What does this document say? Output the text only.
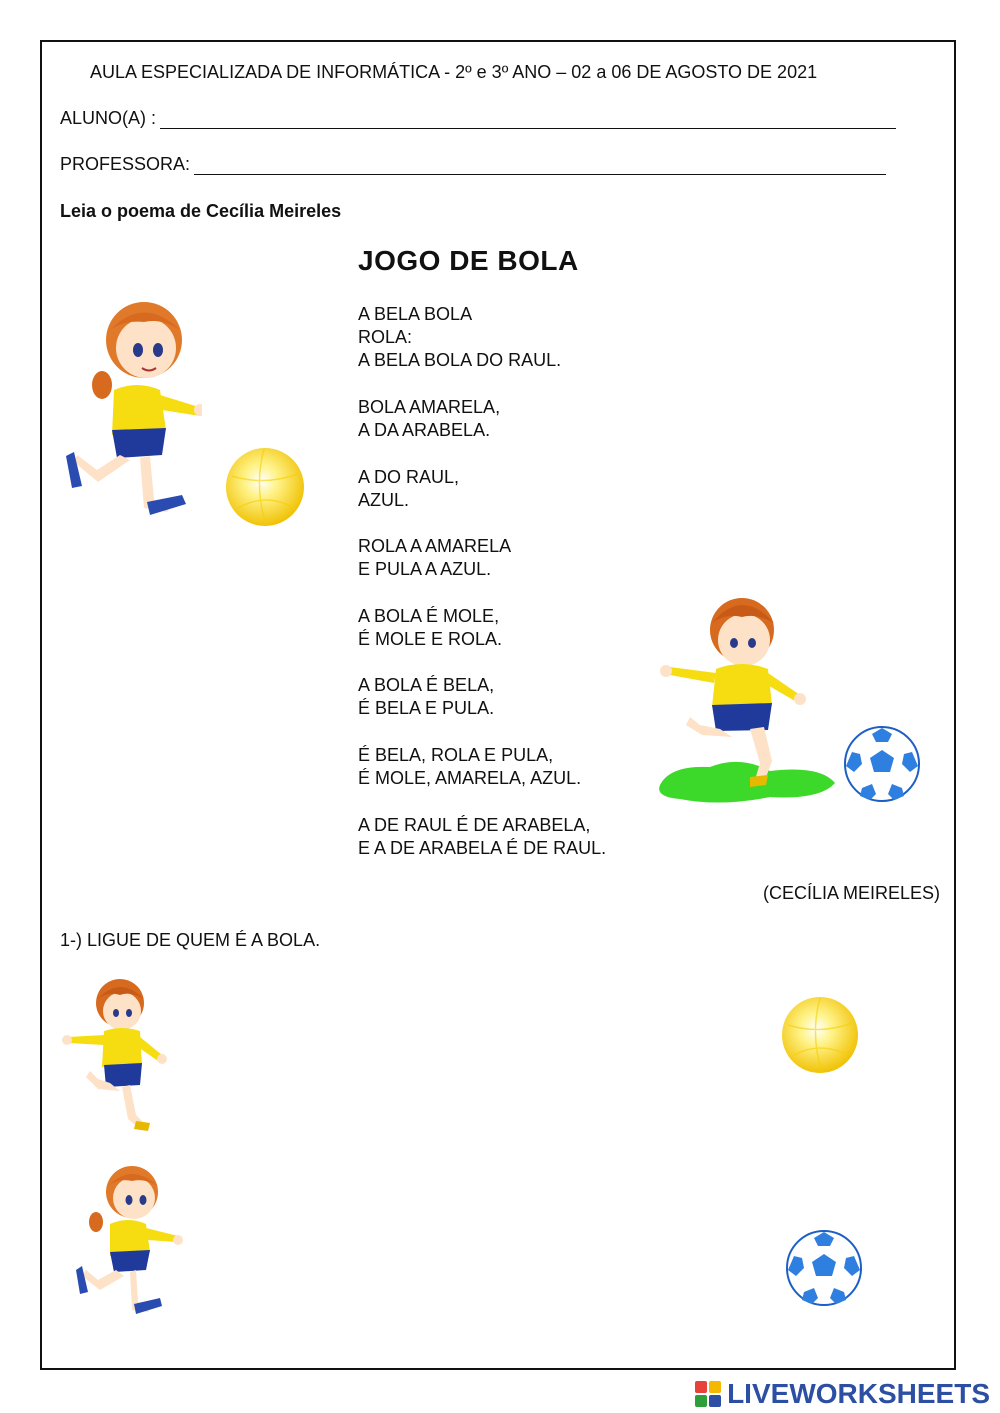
AULA ESPECIALIZADA DE INFORMÁTICA - 2º e 3º ANO – 02 a 06 DE AGOSTO DE 2021
ALUNO(A) :
PROFESSORA:
Leia o poema de Cecília Meireles
JOGO DE BOLA
A BELA BOLA
ROLA:
A BELA BOLA DO RAUL.
BOLA AMARELA,
A DA ARABELA.
A DO RAUL,
AZUL.
ROLA A AMARELA
E PULA A AZUL.
A BOLA É MOLE,
É MOLE E ROLA.
A BOLA É BELA,
É BELA E PULA.
É BELA, ROLA E PULA,
É MOLE, AMARELA, AZUL.
A DE RAUL É DE ARABELA,
E A DE ARABELA É DE RAUL.
(CECÍLIA MEIRELES)
1-) LIGUE DE QUEM É A BOLA.
LIVEWORKSHEETS
